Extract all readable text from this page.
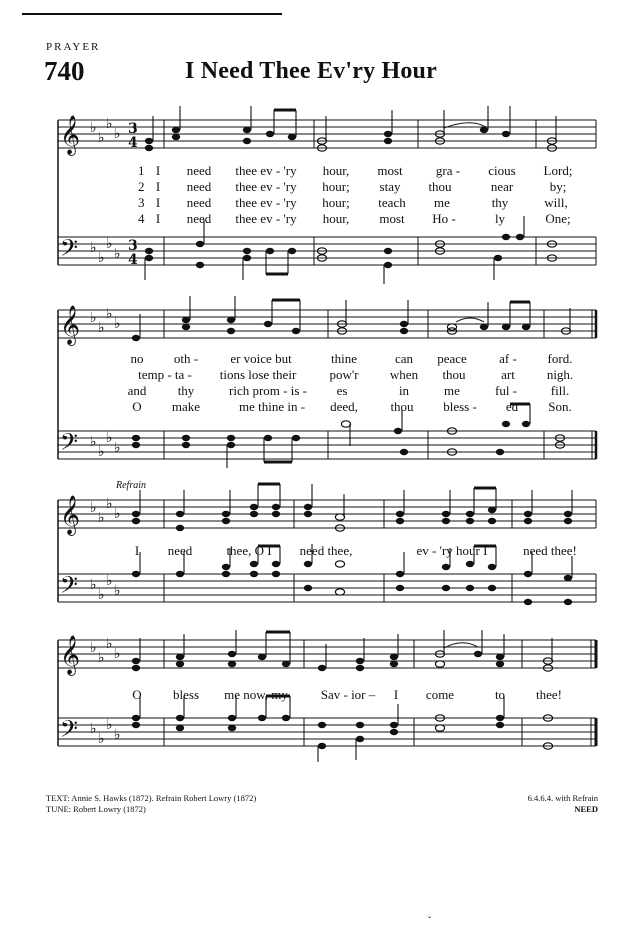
PRAYER
740	I Need Thee Ev'ry Hour
𝄞
𝄢
♭
♭
♭
♭
♭
♭
♭
♭
3
4
3
4
1
2
3
4
I need thee ev - 'ry hour, most	gra - cious Lord;
I need thee ev - 'ry hour; stay thou	near	by;
I need thee ev - 'ry hour; teach me	thy	will,
I need thee ev - 'ry hour, most Ho -	ly	One;
𝄞
𝄢
♭
♭
♭
♭
♭
♭
♭
♭
no oth - er voice but	thine	can peace af - ford.
temp - ta - tions lose their	pow'r when thou	art nigh.
and thy	rich prom - is - es	in	me	ful -	fill.
O make	me thine in - deed,	thou bless - ed Son.
Refrain
𝄞
𝄢
♭
♭
♭
♭
♭
♭
♭
♭
I need	thee, O I need thee,	ev - 'ry hour I	need thee!
𝄞
𝄢
♭
♭
♭
♭
♭
♭
♭
♭
O bless me now, my	Sav - ior – I come	to thee!
TEXT: Annie S. Hawks (1872). Refrain Robert Lowry (1872)
TUNE: Robert Lowry (1872)
6.4.6.4. with Refrain
NEED
ˇ
